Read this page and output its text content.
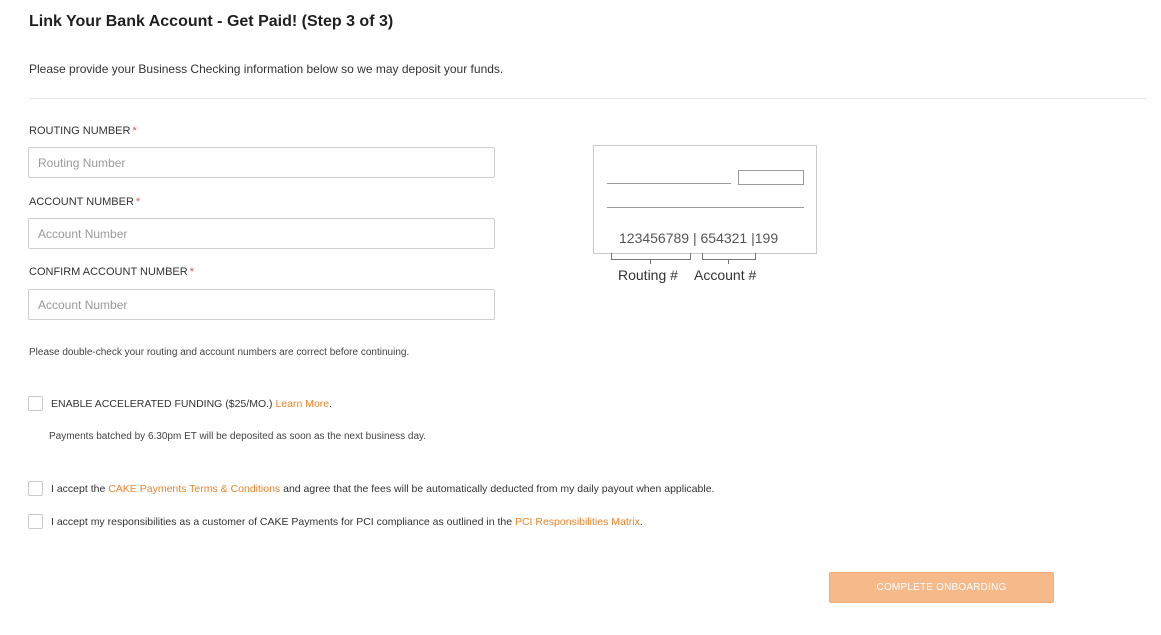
Link Your Bank Account - Get Paid! (Step 3 of 3)
Please provide your Business Checking information below so we may deposit your funds.
ROUTING NUMBER *
Routing Number
ACCOUNT NUMBER *
Account Number
CONFIRM ACCOUNT NUMBER *
Account Number
Please double-check your routing and account numbers are correct before continuing.
123456789 | 654321 |199
Routing # Account #
ENABLE ACCELERATED FUNDING ($25/MO.)
Learn More .
Payments batched by 6.30pm ET will be deposited as soon as the next business day.
I accept the
CAKE Payments Terms & Conditions
and agree that the fees will be automatically deducted from my daily payout when applicable.
I accept my responsibilities as a customer of CAKE Payments for PCI compliance as outlined in the
PCI Responsibilities Matrix .
COMPLETE ONBOARDING
